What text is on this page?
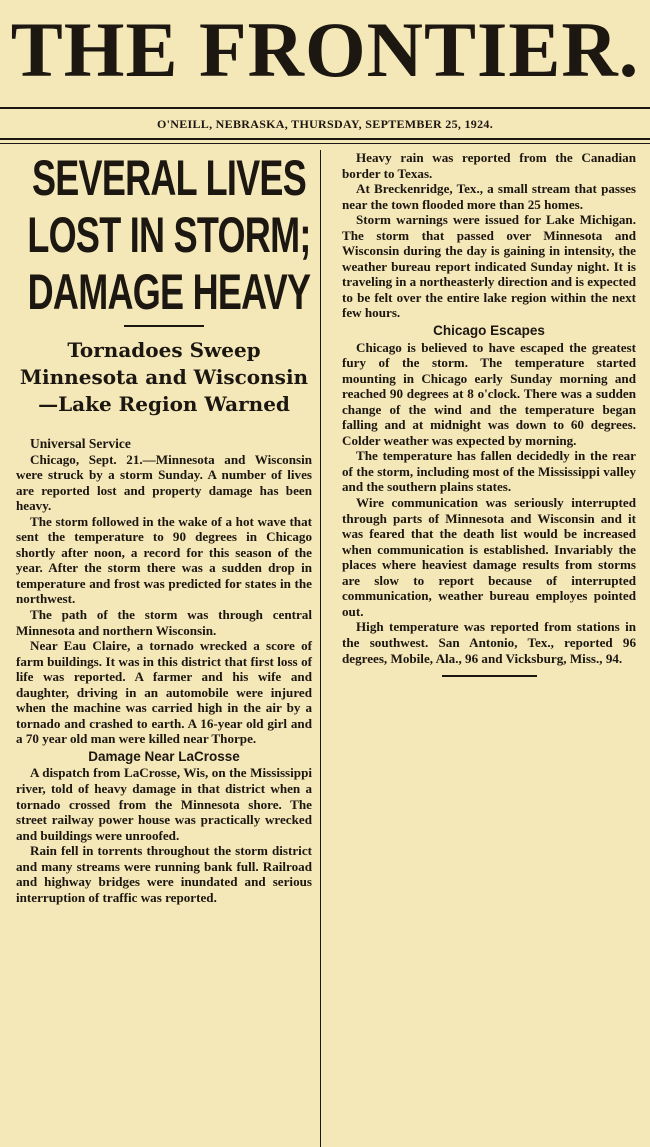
THE FRONTIER.
O'NEILL, NEBRASKA, THURSDAY, SEPTEMBER 25, 1924.
SEVERAL LIVES
LOST IN STORM;
DAMAGE HEAVY
Tornadoes Sweep Minnesota and Wisconsin—Lake Region Warned

Universal Service

Chicago, Sept. 21.—Minnesota and Wisconsin were struck by a storm Sunday. A number of lives are reported lost and property damage has been heavy.

The storm followed in the wake of a hot wave that sent the temperature to 90 degrees in Chicago shortly after noon, a record for this season of the year. After the storm there was a sudden drop in temperature and frost was predicted for states in the northwest.

The path of the storm was through central Minnesota and northern Wisconsin.

Near Eau Claire, a tornado wrecked a score of farm buildings. It was in this district that first loss of life was reported. A farmer and his wife and daughter, driving in an automobile were injured when the machine was carried high in the air by a tornado and crashed to earth. A 16-year old girl and a 70 year old man were killed near Thorpe.

Damage Near LaCrosse

A dispatch from LaCrosse, Wis, on the Mississippi river, told of heavy damage in that district when a tornado crossed from the Minnesota shore. The street railway power house was practically wrecked and buildings were unroofed.

Rain fell in torrents throughout the storm district and many streams were running bank full. Railroad and highway bridges were inundated and serious interruption of traffic was reported.

Heavy rain was reported from the Canadian border to Texas.

At Breckenridge, Tex., a small stream that passes near the town flooded more than 25 homes.

Storm warnings were issued for Lake Michigan. The storm that passed over Minnesota and Wisconsin during the day is gaining in intensity, the weather bureau report indicated Sunday night. It is traveling in a northeasterly direction and is expected to be felt over the entire lake region within the next few hours.

Chicago Escapes

Chicago is believed to have escaped the greatest fury of the storm. The temperature started mounting in Chicago early Sunday morning and reached 90 degrees at 8 o'clock. There was a sudden change of the wind and the temperature began falling and at midnight was down to 60 degrees. Colder weather was expected by morning.

The temperature has fallen decidedly in the rear of the storm, including most of the Mississippi valley and the southern plains states.

Wire communication was seriously interrupted through parts of Minnesota and Wisconsin and it was feared that the death list would be increased when communication is established. Invariably the places where heaviest damage results from storms are slow to report because of interrupted communication, weather bureau employes pointed out.

High temperature was reported from stations in the southwest. San Antonio, Tex., reported 96 degrees, Mobile, Ala., 96 and Vicksburg, Miss., 94.
